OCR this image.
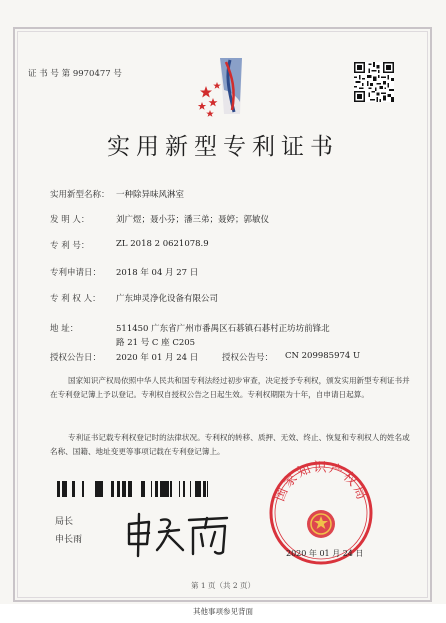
证 书 号 第 9970477 号
实用新型专利证书
实用新型名称： 一种除异味风淋室
发 明 人：	刘广煜；聂小芬；潘三弟；聂婷；郭敏仪
专 利 号：	ZL 2018 2 0621078.9
专利申请日： 2018 年 04 月 27 日
专 利 权 人： 广东坤灵净化设备有限公司
地 址：	511450 广东省广州市番禺区石碁镇石碁村正坊坊前锋北
路 21 号 C 座 C205
授权公告日： 2020 年 01 月 24 日	授权公告号： CN 209985974 U
国家知识产权局依照中华人民共和国专利法经过初步审查，决定授予专利权，颁发实用新型专利证书并在专利登记簿上予以登记。专利权自授权公告之日起生效。专利权期限为十年，自申请日起算。
专利证书记载专利权登记时的法律状况。专利权的转移、质押、无效、终止、恢复和专利权人的姓名或名称、国籍、地址变更等事项记载在专利登记簿上。
局长
申长雨
国家知识产权局
2020 年 01 月 24 日
第 1 页（共 2 页）
其他事项参见背面
